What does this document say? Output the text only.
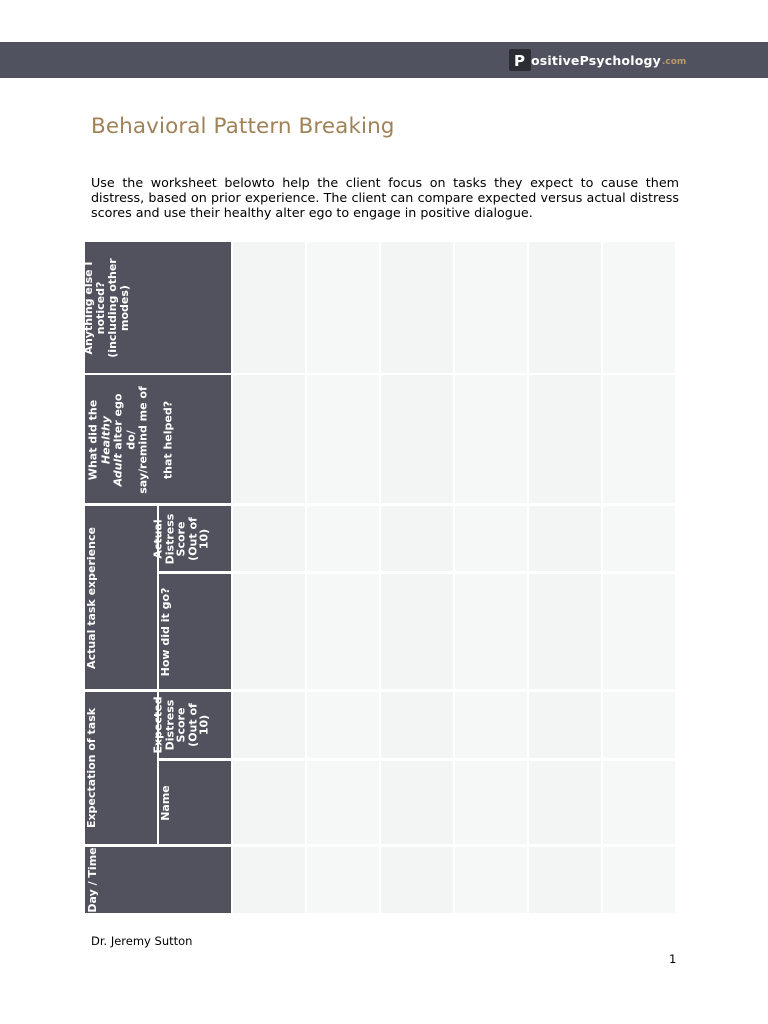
P ositivePsychology .com
Behavioral Pattern Breaking
Use the worksheet belowto help the client focus on tasks they expect to cause them distress, based on prior experience. The client can compare expected versus actual distress scores and use their healthy alter ego to engage in positive dialogue.
Anything else I noticed? (including other modes)
What did the Healthy
Adult alter ego do/ say/remind me of that helped?
Actual task experience	Actual
Distress
Score
(Out of
10)
How did it go?
Expectation of task	Expected
Distress
Score
(Out of
10)
Name
Day / Time
Dr. Jeremy Sutton
1
